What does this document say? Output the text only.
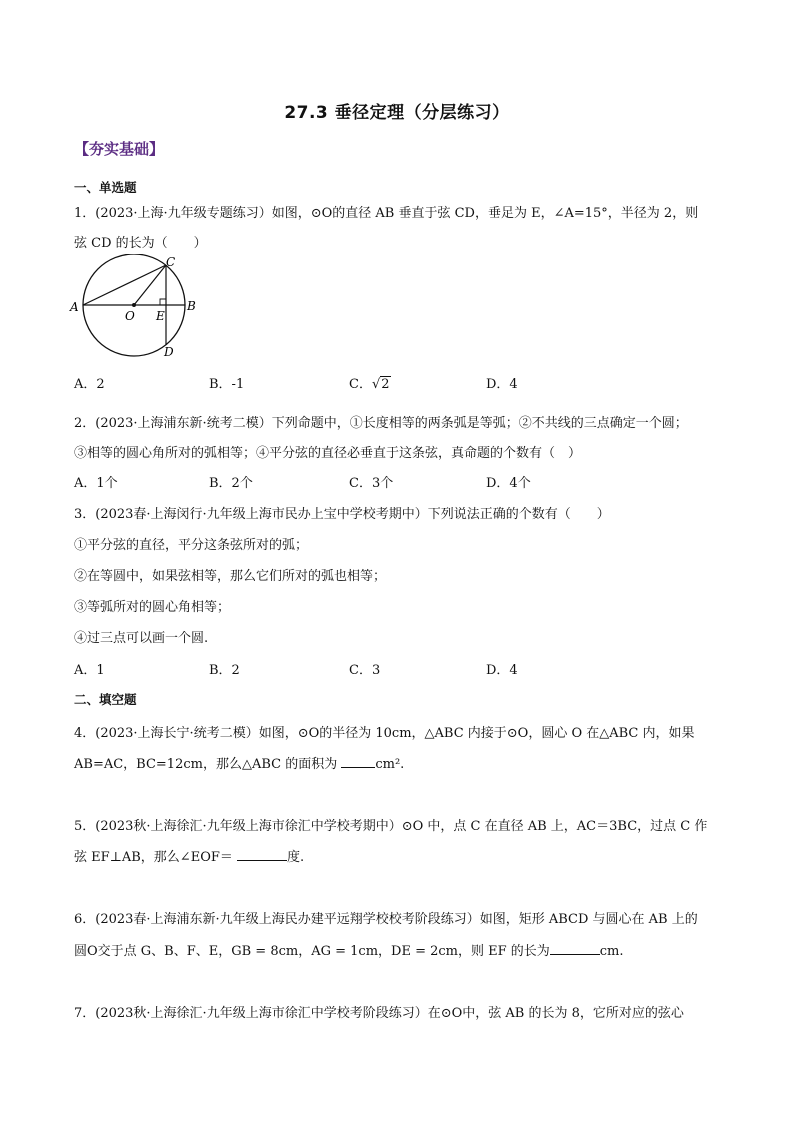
27.3 垂径定理（分层练习）
【夯实基础】
一、单选题
1．(2023·上海·九年级专题练习）如图，⊙O的直径 AB 垂直于弦 CD，垂足为 E，∠A=15°，半径为 2，则
弦 CD 的长为（　　）
A	B
C
D
O E
A．2	B．-1	C．√2	D．4
2．(2023·上海浦东新·统考二模）下列命题中，①长度相等的两条弧是等弧；②不共线的三点确定一个圆；
③相等的圆心角所对的弧相等；④平分弦的直径必垂直于这条弦，真命题的个数有（　）
A．1个	B．2个	C．3个	D．4个
3．(2023春·上海闵行·九年级上海市民办上宝中学校考期中）下列说法正确的个数有（　　）
①平分弦的直径，平分这条弦所对的弧；
②在等圆中，如果弦相等，那么它们所对的弧也相等；
③等弧所对的圆心角相等；
④过三点可以画一个圆.
A．1	B．2	C．3	D．4
二、填空题
4．(2023·上海长宁·统考二模）如图，⊙O的半径为 10cm，△ABC 内接于⊙O，圆心 O 在△ABC 内，如果
AB=AC，BC=12cm，那么△ABC 的面积为	cm².
5．(2023秋·上海徐汇·九年级上海市徐汇中学校考期中）⊙O 中，点 C 在直径 AB 上，AC＝3BC，过点 C 作
弦 EF⊥AB，那么∠EOF＝	度.
6．(2023春·上海浦东新·九年级上海民办建平远翔学校校考阶段练习）如图，矩形 ABCD 与圆心在 AB 上的
圆O交于点 G、B、F、E，GB = 8cm，AG = 1cm，DE = 2cm，则 EF 的长为	cm.
7．(2023秋·上海徐汇·九年级上海市徐汇中学校考阶段练习）在⊙O中，弦 AB 的长为 8，它所对应的弦心
